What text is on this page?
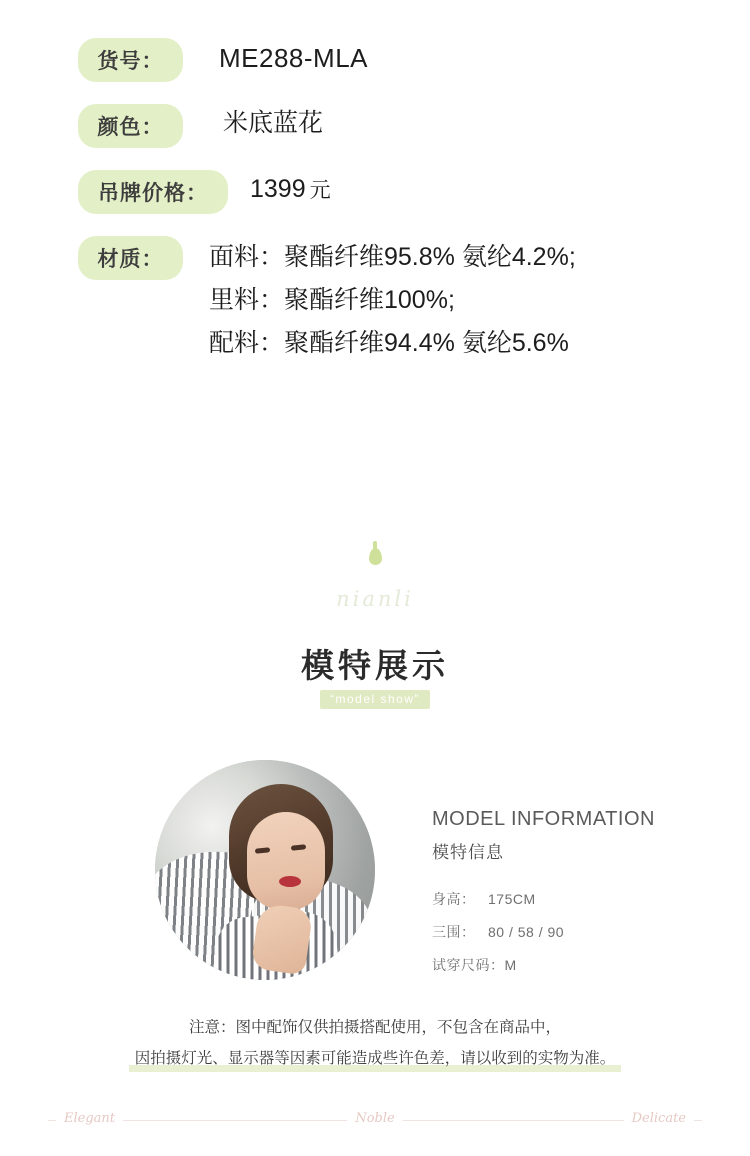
货号：	ME288-MLA
颜色：	米底蓝花
吊牌价格：	1399 元
材质：	面料：聚酯纤维95.8% 氨纶4.2%;
里料：聚酯纤维100%;
配料：聚酯纤维94.4% 氨纶5.6%
nianli
模特展示
“model show”
MODEL INFORMATION
模特信息
身高： 175CM
三围： 80 / 58 / 90
试穿尺码：M
注意：图中配饰仅供拍摄搭配使用，不包含在商品中，
因拍摄灯光、显示器等因素可能造成些许色差，请以收到的实物为准。
Elegant	Noble	Delicate
